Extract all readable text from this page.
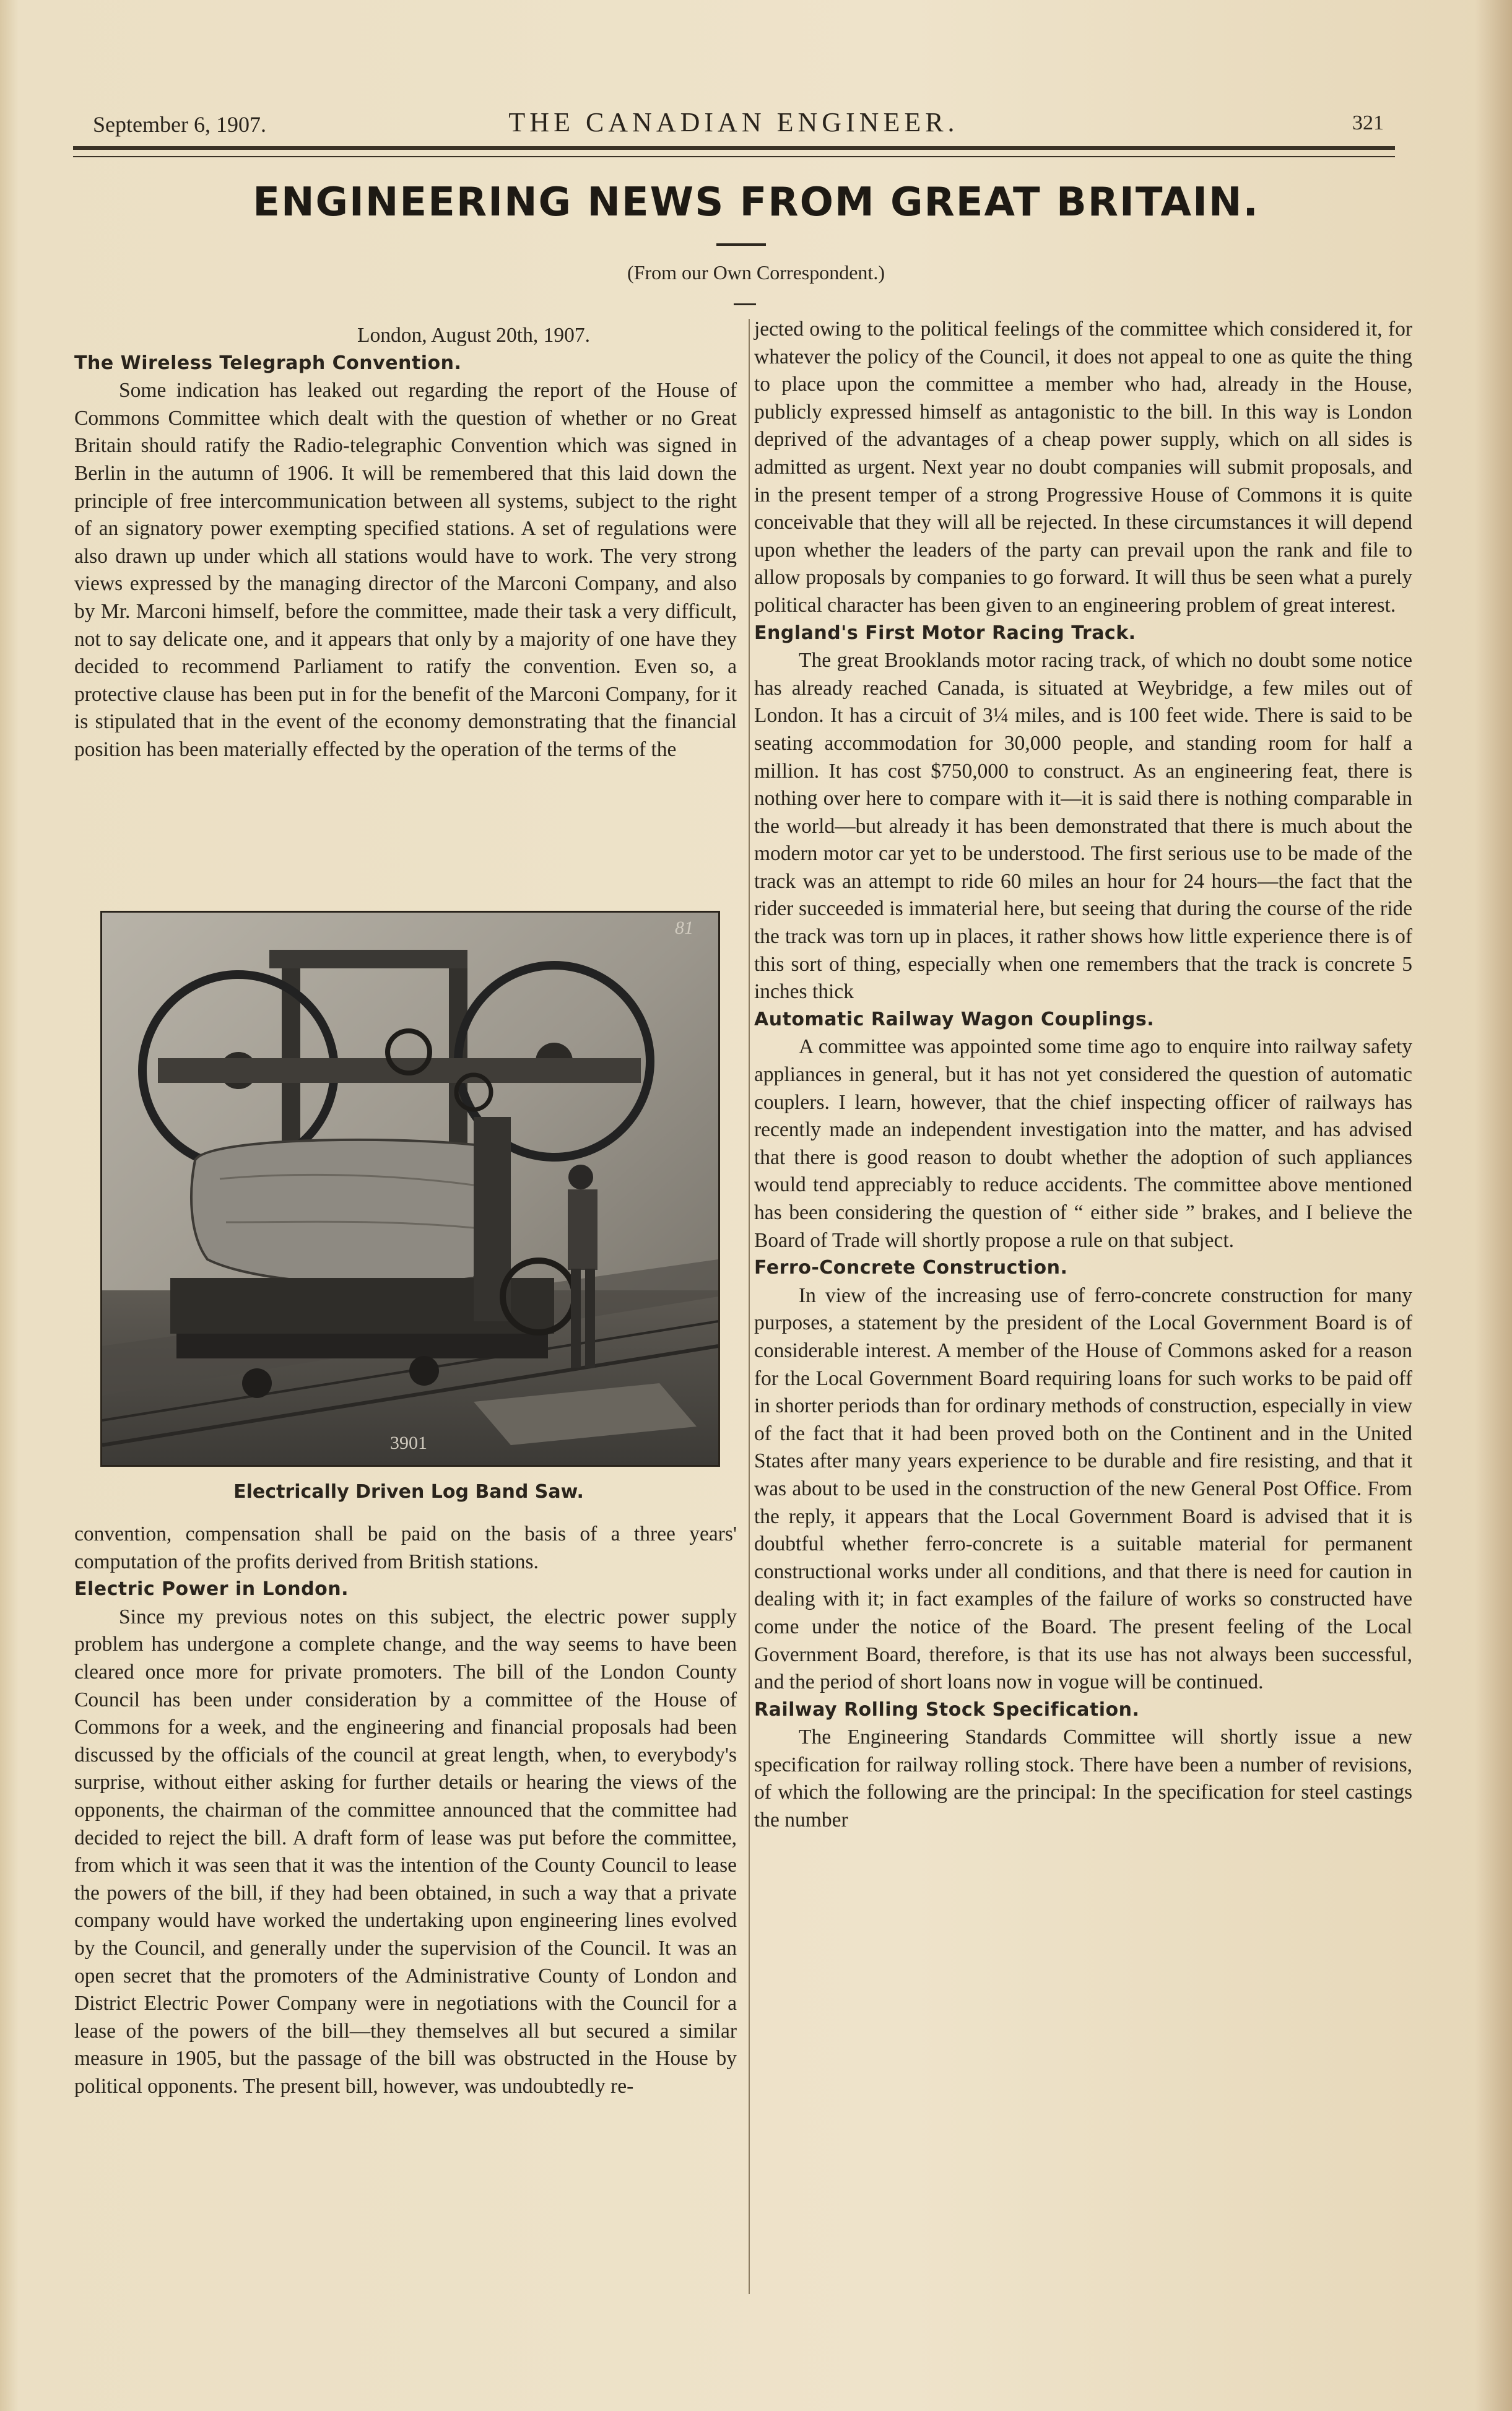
September 6, 1907.	THE CANADIAN ENGINEER.	321
ENGINEERING NEWS FROM GREAT BRITAIN.
(From our Own Correspondent.)

London, August 20th, 1907.

The Wireless Telegraph Convention.

Some indication has leaked out regarding the report of the House of Commons Committee which dealt with the question of whether or no Great Britain should ratify the Radio-telegraphic Convention which was signed in Berlin in the autumn of 1906. It will be remembered that this laid down the principle of free intercommunication between all systems, subject to the right of an signatory power exempting specified stations. A set of regulations were also drawn up under which all stations would have to work. The very strong views expressed by the managing director of the Marconi Company, and also by Mr. Marconi himself, before the committee, made their task a very difficult, not to say delicate one, and it appears that only by a majority of one have they decided to recommend Parliament to ratify the convention. Even so, a protective clause has been put in for the benefit of the Marconi Company, for it is stipulated that in the event of the economy demonstrating that the financial position has been materially effected by the operation of the terms of the

81
3901
Electrically Driven Log Band Saw.

convention, compensation shall be paid on the basis of a three years' computation of the profits derived from British stations.

Electric Power in London.

Since my previous notes on this subject, the electric power supply problem has undergone a complete change, and the way seems to have been cleared once more for private promoters. The bill of the London County Council has been under consideration by a committee of the House of Commons for a week, and the engineering and financial proposals had been discussed by the officials of the council at great length, when, to everybody's surprise, without either asking for further details or hearing the views of the opponents, the chairman of the committee announced that the committee had decided to reject the bill. A draft form of lease was put before the committee, from which it was seen that it was the intention of the County Council to lease the powers of the bill, if they had been obtained, in such a way that a private company would have worked the undertaking upon engineering lines evolved by the Council, and generally under the supervision of the Council. It was an open secret that the promoters of the Administrative County of London and District Electric Power Company were in negotiations with the Council for a lease of the powers of the bill—they themselves all but secured a similar measure in 1905, but the passage of the bill was obstructed in the House by political opponents. The present bill, however, was undoubtedly re-

jected owing to the political feelings of the committee which considered it, for whatever the policy of the Council, it does not appeal to one as quite the thing to place upon the committee a member who had, already in the House, publicly expressed himself as antagonistic to the bill. In this way is London deprived of the advantages of a cheap power supply, which on all sides is admitted as urgent. Next year no doubt companies will submit proposals, and in the present temper of a strong Progressive House of Commons it is quite conceivable that they will all be rejected. In these circumstances it will depend upon whether the leaders of the party can prevail upon the rank and file to allow proposals by companies to go forward. It will thus be seen what a purely political character has been given to an engineering problem of great interest.

England's First Motor Racing Track.

The great Brooklands motor racing track, of which no doubt some notice has already reached Canada, is situated at Weybridge, a few miles out of London. It has a circuit of 3¼ miles, and is 100 feet wide. There is said to be seating accommodation for 30,000 people, and standing room for half a million. It has cost $750,000 to construct. As an engineering feat, there is nothing over here to compare with it—it is said there is nothing comparable in the world—but already it has been demonstrated that there is much about the modern motor car yet to be understood. The first serious use to be made of the track was an attempt to ride 60 miles an hour for 24 hours—the fact that the rider succeeded is immaterial here, but seeing that during the course of the ride the track was torn up in places, it rather shows how little experience there is of this sort of thing, especially when one remembers that the track is concrete 5 inches thick

Automatic Railway Wagon Couplings.

A committee was appointed some time ago to enquire into railway safety appliances in general, but it has not yet considered the question of automatic couplers. I learn, however, that the chief inspecting officer of railways has recently made an independent investigation into the matter, and has advised that there is good reason to doubt whether the adoption of such appliances would tend appreciably to reduce accidents. The committee above mentioned has been considering the question of “ either side ” brakes, and I believe the Board of Trade will shortly propose a rule on that subject.

Ferro-Concrete Construction.

In view of the increasing use of ferro-concrete construction for many purposes, a statement by the president of the Local Government Board is of considerable interest. A member of the House of Commons asked for a reason for the Local Government Board requiring loans for such works to be paid off in shorter periods than for ordinary methods of construction, especially in view of the fact that it had been proved both on the Continent and in the United States after many years experience to be durable and fire resisting, and that it was about to be used in the construction of the new General Post Office. From the reply, it appears that the Local Government Board is advised that it is doubtful whether ferro-concrete is a suitable material for permanent constructional works under all conditions, and that there is need for caution in dealing with it; in fact examples of the failure of works so constructed have come under the notice of the Board. The present feeling of the Local Government Board, therefore, is that its use has not always been successful, and the period of short loans now in vogue will be continued.

Railway Rolling Stock Specification.

The Engineering Standards Committee will shortly issue a new specification for railway rolling stock. There have been a number of revisions, of which the following are the principal: In the specification for steel castings the number
